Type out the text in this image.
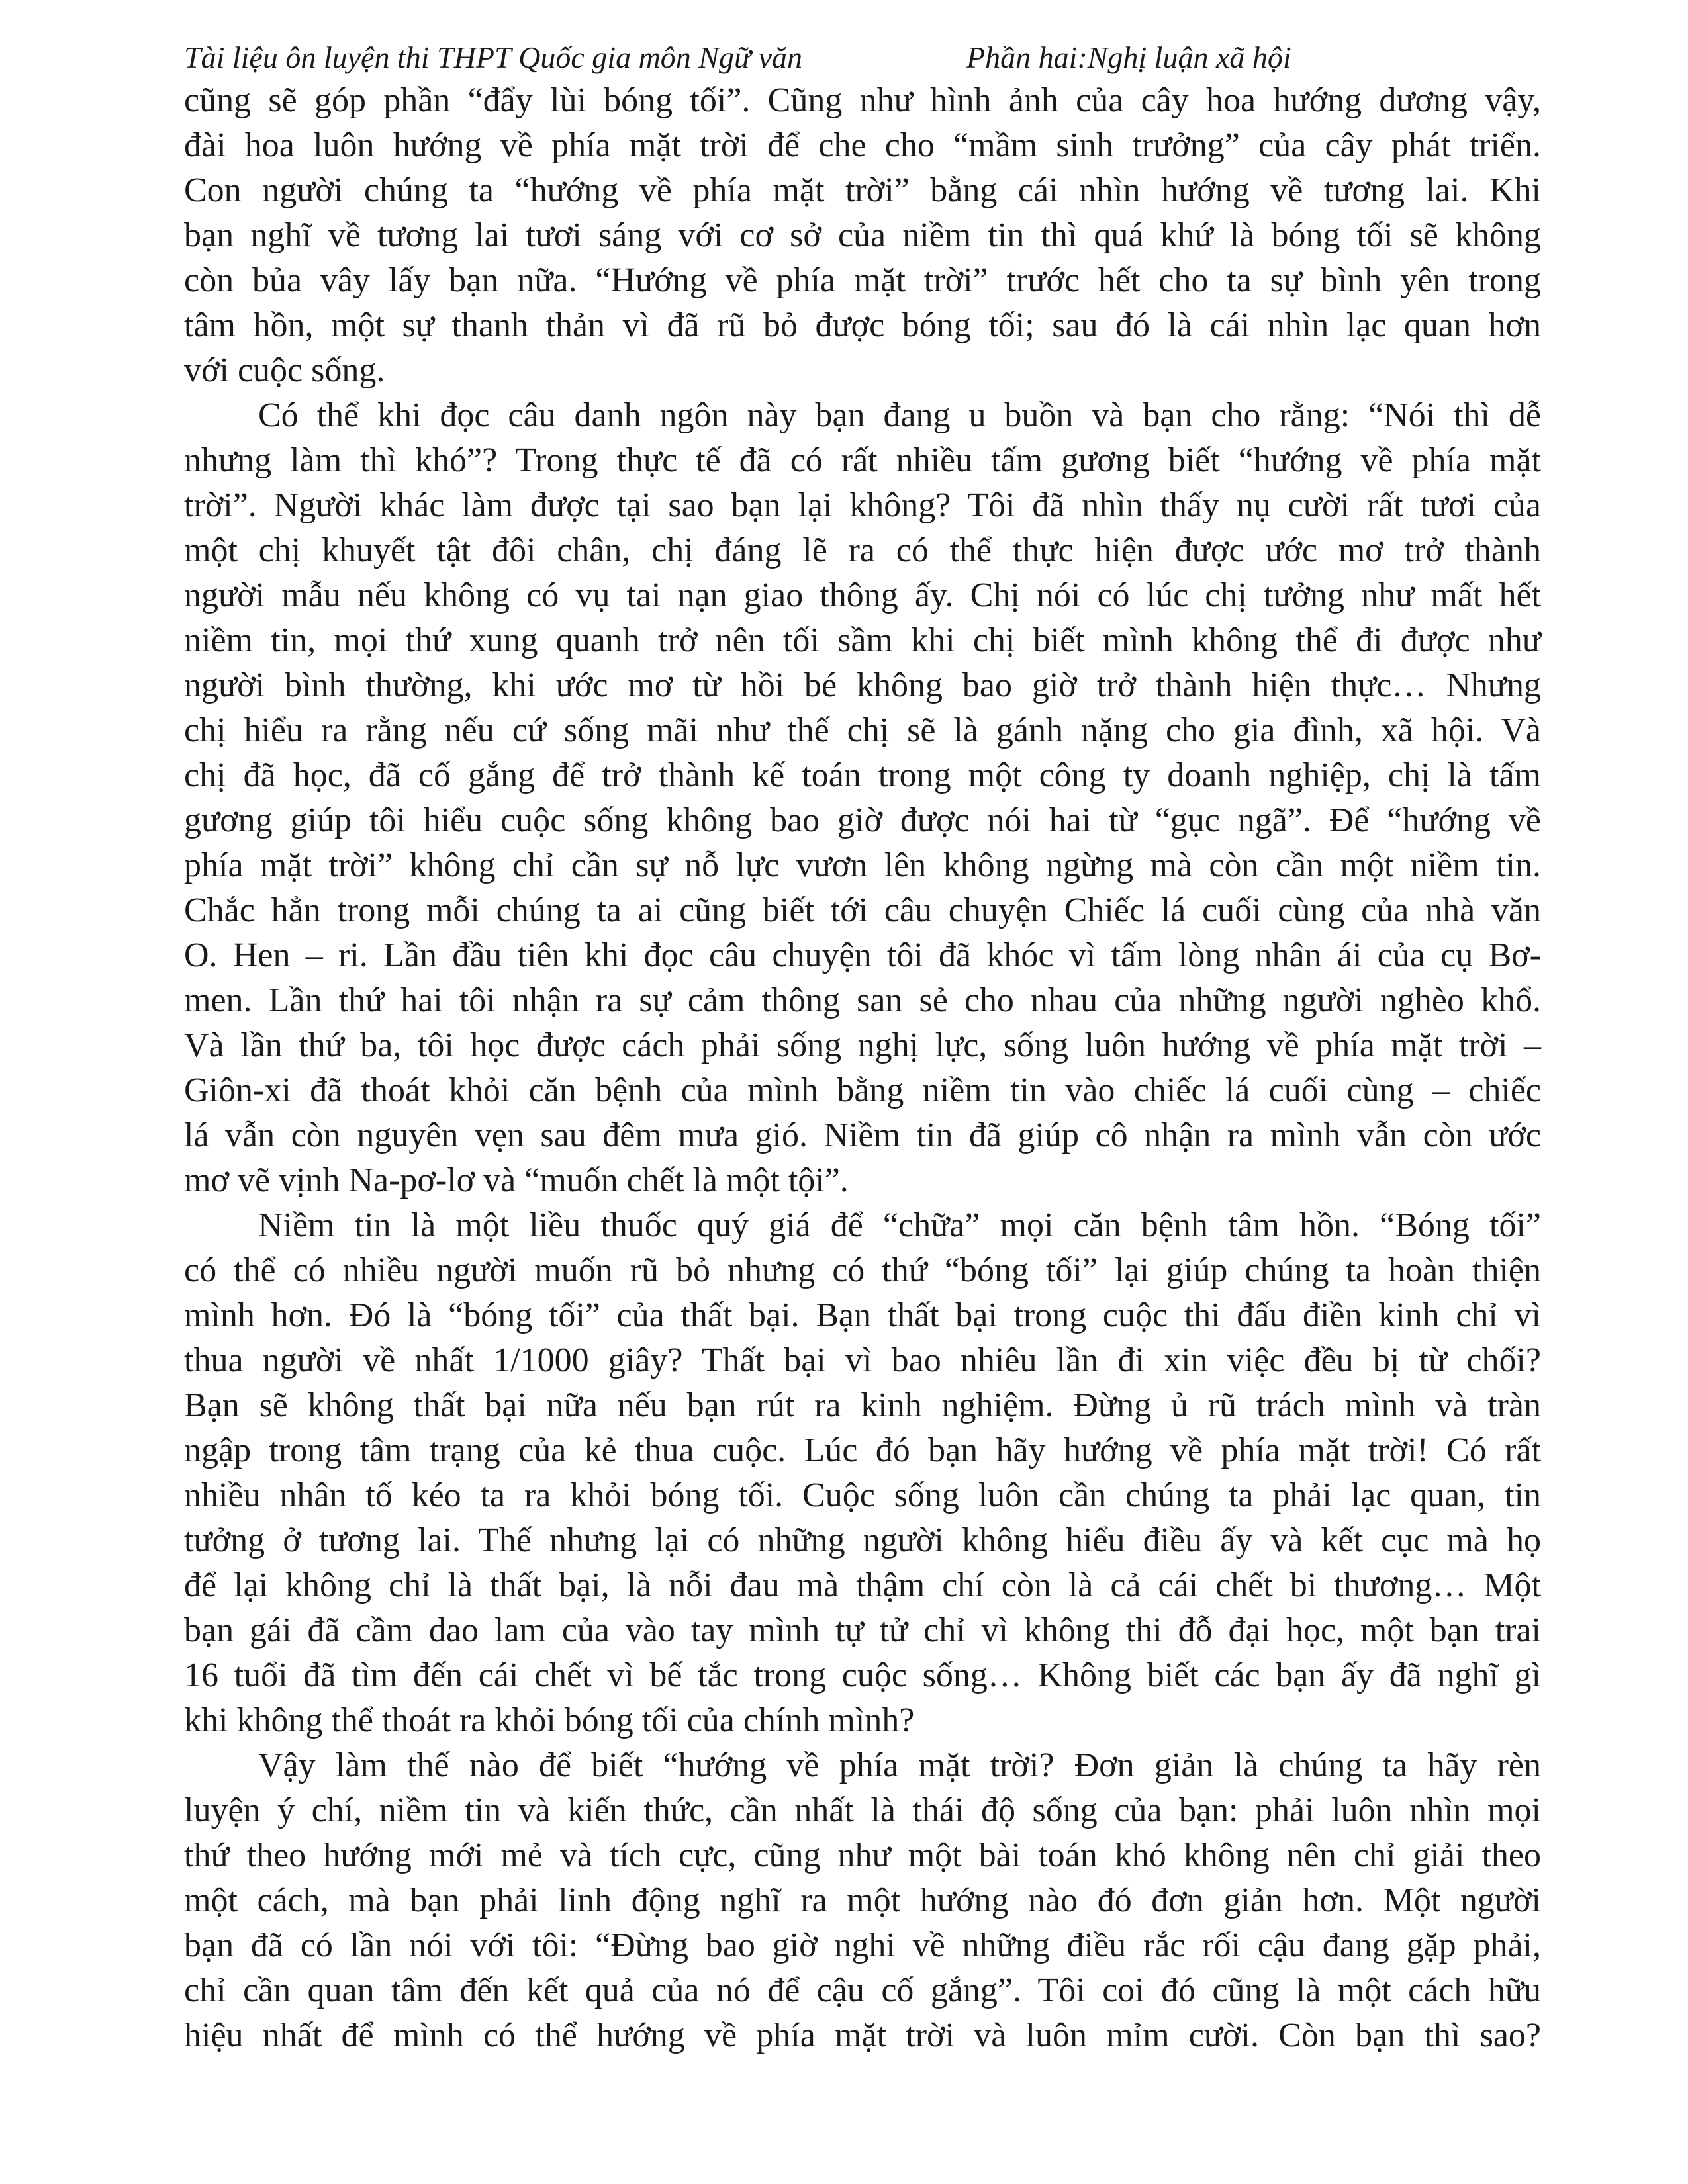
Tài liệu ôn luyện thi THPT Quốc gia môn Ngữ văn	Phần hai:Nghị luận xã hội
cũng sẽ góp phần “đẩy lùi bóng tối”. Cũng như hình ảnh của cây hoa hướng dương vậy,
đài hoa luôn hướng về phía mặt trời để che cho “mầm sinh trưởng” của cây phát triển.
Con người chúng ta “hướng về phía mặt trời” bằng cái nhìn hướng về tương lai. Khi
bạn nghĩ về tương lai tươi sáng với cơ sở của niềm tin thì quá khứ là bóng tối sẽ không
còn bủa vây lấy bạn nữa. “Hướng về phía mặt trời” trước hết cho ta sự bình yên trong
tâm hồn, một sự thanh thản vì đã rũ bỏ được bóng tối; sau đó là cái nhìn lạc quan hơn
với cuộc sống.
Có thể khi đọc câu danh ngôn này bạn đang u buồn và bạn cho rằng: “Nói thì dễ
nhưng làm thì khó”? Trong thực tế đã có rất nhiều tấm gương biết “hướng về phía mặt
trời”. Người khác làm được tại sao bạn lại không? Tôi đã nhìn thấy nụ cười rất tươi của
một chị khuyết tật đôi chân, chị đáng lẽ ra có thể thực hiện được ước mơ trở thành
người mẫu nếu không có vụ tai nạn giao thông ấy. Chị nói có lúc chị tưởng như mất hết
niềm tin, mọi thứ xung quanh trở nên tối sầm khi chị biết mình không thể đi được như
người bình thường, khi ước mơ từ hồi bé không bao giờ trở thành hiện thực… Nhưng
chị hiểu ra rằng nếu cứ sống mãi như thế chị sẽ là gánh nặng cho gia đình, xã hội. Và
chị đã học, đã cố gắng để trở thành kế toán trong một công ty doanh nghiệp, chị là tấm
gương giúp tôi hiểu cuộc sống không bao giờ được nói hai từ “gục ngã”. Để “hướng về
phía mặt trời” không chỉ cần sự nỗ lực vươn lên không ngừng mà còn cần một niềm tin.
Chắc hẳn trong mỗi chúng ta ai cũng biết tới câu chuyện Chiếc lá cuối cùng của nhà văn
O. Hen – ri. Lần đầu tiên khi đọc câu chuyện tôi đã khóc vì tấm lòng nhân ái của cụ Bơ-
men. Lần thứ hai tôi nhận ra sự cảm thông san sẻ cho nhau của những người nghèo khổ.
Và lần thứ ba, tôi học được cách phải sống nghị lực, sống luôn hướng về phía mặt trời –
Giôn-xi đã thoát khỏi căn bệnh của mình bằng niềm tin vào chiếc lá cuối cùng – chiếc
lá vẫn còn nguyên vẹn sau đêm mưa gió. Niềm tin đã giúp cô nhận ra mình vẫn còn ước
mơ vẽ vịnh Na-pơ-lơ và “muốn chết là một tội”.
Niềm tin là một liều thuốc quý giá để “chữa” mọi căn bệnh tâm hồn. “Bóng tối”
có thể có nhiều người muốn rũ bỏ nhưng có thứ “bóng tối” lại giúp chúng ta hoàn thiện
mình hơn. Đó là “bóng tối” của thất bại. Bạn thất bại trong cuộc thi đấu điền kinh chỉ vì
thua người về nhất 1/1000 giây? Thất bại vì bao nhiêu lần đi xin việc đều bị từ chối?
Bạn sẽ không thất bại nữa nếu bạn rút ra kinh nghiệm. Đừng ủ rũ trách mình và tràn
ngập trong tâm trạng của kẻ thua cuộc. Lúc đó bạn hãy hướng về phía mặt trời! Có rất
nhiều nhân tố kéo ta ra khỏi bóng tối. Cuộc sống luôn cần chúng ta phải lạc quan, tin
tưởng ở tương lai. Thế nhưng lại có những người không hiểu điều ấy và kết cục mà họ
để lại không chỉ là thất bại, là nỗi đau mà thậm chí còn là cả cái chết bi thương… Một
bạn gái đã cầm dao lam của vào tay mình tự tử chỉ vì không thi đỗ đại học, một bạn trai
16 tuổi đã tìm đến cái chết vì bế tắc trong cuộc sống… Không biết các bạn ấy đã nghĩ gì
khi không thể thoát ra khỏi bóng tối của chính mình?
Vậy làm thế nào để biết “hướng về phía mặt trời? Đơn giản là chúng ta hãy rèn
luyện ý chí, niềm tin và kiến thức, cần nhất là thái độ sống của bạn: phải luôn nhìn mọi
thứ theo hướng mới mẻ và tích cực, cũng như một bài toán khó không nên chỉ giải theo
một cách, mà bạn phải linh động nghĩ ra một hướng nào đó đơn giản hơn. Một người
bạn đã có lần nói với tôi: “Đừng bao giờ nghi về những điều rắc rối cậu đang gặp phải,
chỉ cần quan tâm đến kết quả của nó để cậu cố gắng”. Tôi coi đó cũng là một cách hữu
hiệu nhất để mình có thể hướng về phía mặt trời và luôn mỉm cười. Còn bạn thì sao?
